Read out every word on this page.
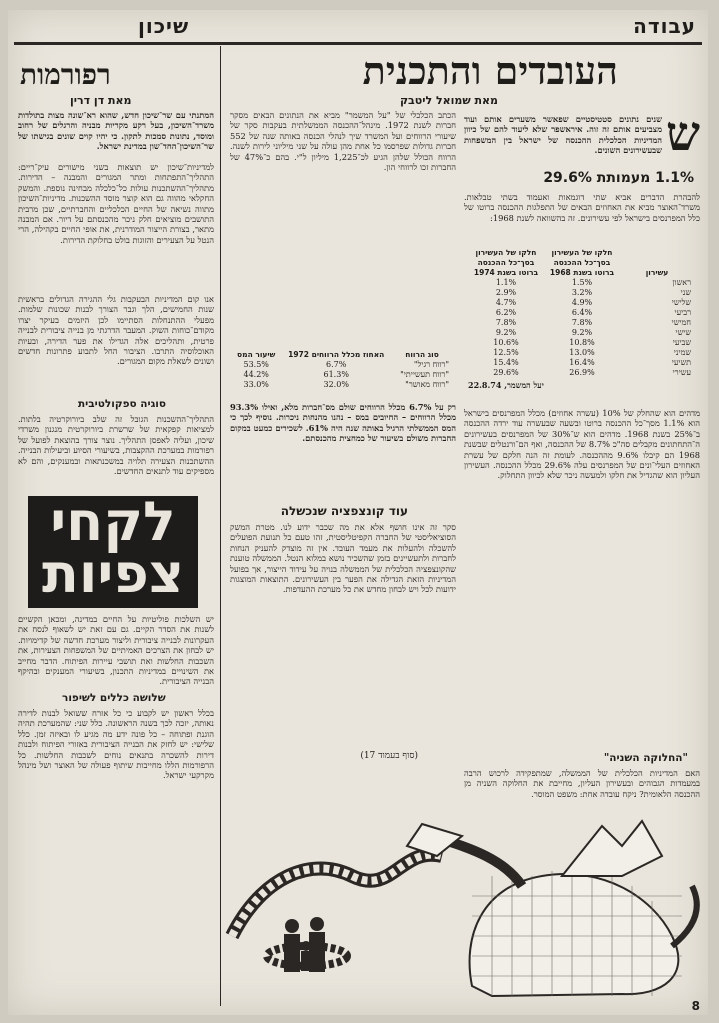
עבודה
שיכון
העובדים והתכנית
מאת שמואל ליטבק
רפורמות
מאת דן דרין
ש
שנים נתונים סטטיסטיים שפאשר משערים אותם ועוד מצביעים אותם זה זוה. איראשפר שלא ליעוד להם של כיוון המדיניות הכלכלית ההכנסה של ישראל בין המשפחות שבעשירונים השונים.
1.1% מעמותת 29.6%
להבהרת הדברים אביא שתי דוגמאות ואעמוד בשתי טבלאות. משרד־האוצר מביא את האחוזים הבאים של התפלגות ההכנסה ברוטו של כלל המפרנסים בישראל לפי עשירונים. זה בהשוואה לשנת 1968:
עשירון	חלקו של העשירון בסך־כל ההכנסה ברוטו בשנת 1968	חלקו של העשירון בסך־כל ההכנסה ברוטו בשנת 1974
ראשון	1.5%	1.1%
שני	3.2%	2.9%
שלישי	4.9%	4.7%
רביעי	6.4%	6.2%
חמישי	7.8%	7.8%
שישי	9.2%	9.2%
שביעי	10.8%	10.6%
שמיני	13.0%	12.5%
תשיעי	16.4%	15.4%
עשירי	26.9%	29.6%
יעל המשמר, 22.8.74
מדהים הוא שהחלק של 10% (עשרה אחוזים) מכלל המפרנסים בישראל הוא 1.1% מסך־כל ההכנסה ברוטו ובשעה שבעשרה עוד ירדה ההכנסה ב־25% בשנת 1968. מדהים הוא ש־30% של המפרנסים בעשירונים ה־התחתונים מקבלים סה"כ 8.7% של ההכנסה, ואף הם־ורנטלים שבשנת 1968 הם קיבלו 9.6% מההכנסה. לעומת זה הנה חלקם של עשרת האחוזים העלי־ונים של המפרנסים עלה 29.6% מכלל ההכנסה. העשירון העליון הוא שהגדיל את חלקו ולמעשה ניכר שלא לכיוון התחלוק.
"החלוקה השניה"
האם המדיניות הכלכלית של הממשלה, שמתפקידה לרכוש הרבה במעמדות הגבוהים ובעשירון העליון, מחייבת את החלוקה השניה מן ההכנסה הלאומית? ניקח עובדה אחת: משפט המוסר.
הכתב הכלכלי של "על המשמר" מביא את הנתונים הבאים מסקר חברות לשנת 1972. מינהל־ההכנסה הממשלתית בעקבות סקר של שיעורי הרווחים ועל המשרד שיך לנהלי הכנסה באותה שנה של 552 חברות גדולות שפרסמו כל אחת מהן עולה על שני מיליוני לירות לשנה. הרווח הכולל שלהן הגיע לכ־1,225 מיליון ל"י. בהם כ־47% של החברות זכו לרווחי הון.
סוג הרווח	האחוז מכלל הרווחים 1972	שיעור המס
"רווח רגיל"	6.7%	53.5%
"רווח תעשייתי"	61.3%	44.2%
"רווח מאושר"	32.0%	33.0%
רק על 6.7% מכלל הרווחים שולם מס־חברות מלא, ואילו 93.3% מכלל הרווחים – החיובים במס – נהנו מהנחות ניכרות. נוסיף לכך כי המס הממשלתי הרגיל באותה שנה היה 61%. לשכירים כמעט במקום החברות משולם בשיעור של כמחצית מהכנסתם.
עוד קונצפציה שנכשלה
סקר זה אינו חושף אלא את מה שכבר ידוע לנו. מטרת המשק הסוציאליסטי של החברה הקפיטליסטית, זהו טעם כל תנועת הפועלים להשכלה ולהעלות את מעמד העובד. אין זה מוצדק להעניק הנחות לחברות ולתעשיינים בזמן שהשכיר נושא במלוא הנטל. הממשלה טוענת שהקונצפציה הכלכלית של הממשלה בנויה על עידוד הייצור, אך בפועל המדיניות הזאת הגדילה את הפער בין העשירונים. התוצאות המוצגות ידועות לכל ויש לבחון מחדש את כל מערכת ההעדפות.
(סוף בעמוד 17)
המתנתי עם שר־שיכון חדש, שהוא רא־שונה מצות בתולדות משרד־השיכון, בעל רקע מקריות מבניה והרגלים של רחוב ומוסד, נתונות סמכות לתקון. כי יהיו קוים שונים בגישתו של שר־השיכון־החד־שון במדינת ישראל.
למדיניות־שיכון יש תוצאות בשני מישורים עיק־ריים: התהליך־התפתחות ומתר המגורים והמבנה – הדירות. מתהליך־ההשתכנות עולות כל־כלכלה מבחינה נוספת. והמשק החקלאי מהווה גם הוא קוצר מוסד ההשכנות. מדיניות־השיכון מתווה נשיאה של החיים הכלכליים והחברתיים, שכן מרבית התושבים מוציאים חלק ניכר מהכנסתם על דיור. אם המבנה מתאר, בצורת הייצור המודרנית, את אופי החיים בקהילה, הרי הנטל על הצעירים והזוגות בולט בחלוקת הדירות.
אנו קום המדיניות הבעקבות גלי ההגירה הגדולים בראשית שנות החמישים, הלך וגבר הצורך לבנות שכונות שלמות. מפעלי ההתנחלות הסתיימו לכן היזמים בעיקר יצרו מקודם־כוחות השוק. המעבר הדרגתי מן בנייה ציבורית לבנייה פרטית, ותהליכים אלה הגדילו את פער הדירה, ובעיות האוכלוסיה התרבו. הציבור החל לתבוע פתרונות חדשים ושונים לשאלת מקום המגורים.
סוגיה ספקולטיבית
התהליך־ההשכנות הגובל זה שלב ביורוקרטיה בלתות. למציאות קפקאית של שרשרת ביורוקרטית מנגנון משרדי שיכון, ועליה לאפסן התהליך. נוצר צורך בהוצאת לפועל של רפורמות במערכת ההקצבות, בשיעורי הסיוע וביעילות הבנייה. ההשתכנות הצעירה תלויה במשכנתאות ובמענקים, והם לא מספיקים עוד לתנאים החדשים.
לקחי
צפיות
יש השלכות פוליטיות על החיים במדינה, ומכאן הקשיים לשנות את הסדר הקיים. גם עם זאת יש לשאוף לנסח את העקרונות לבנייה ציבורית וליצור מערכת חדשה של קדימויות. יש לבחון את הצרכים האמיתיים של המשפחות הצעירות, את השכבות החלשות ואת תושבי עיירות הפיתוח. הדבר מחייב את השינויים במדיניות התכנון, בשיעורי המענקים ובהיקף הבנייה הציבורית.
שלושה כללים לשיפור
בכלל ראשון יש לקבוע כי כל אזרח ששואל לבנות לדירה נאותה, יזכה לכך בשנה הראשונה. כלל שני: שהמערכת תהיה הוגנת ופתוחה – כל פונה ידע מה מגיע לו ובאיזה זמן. כלל שלישי: יש לחזק את הבנייה הציבורית באזורי הפיתוח ולבנות דירות להשכרה בתנאים נוחים לשכבות החלשות. כל הרפורמות הללו מחייבות שיתוף פעולה של האוצר ושל מינהל מקרקעי ישראל.
8
